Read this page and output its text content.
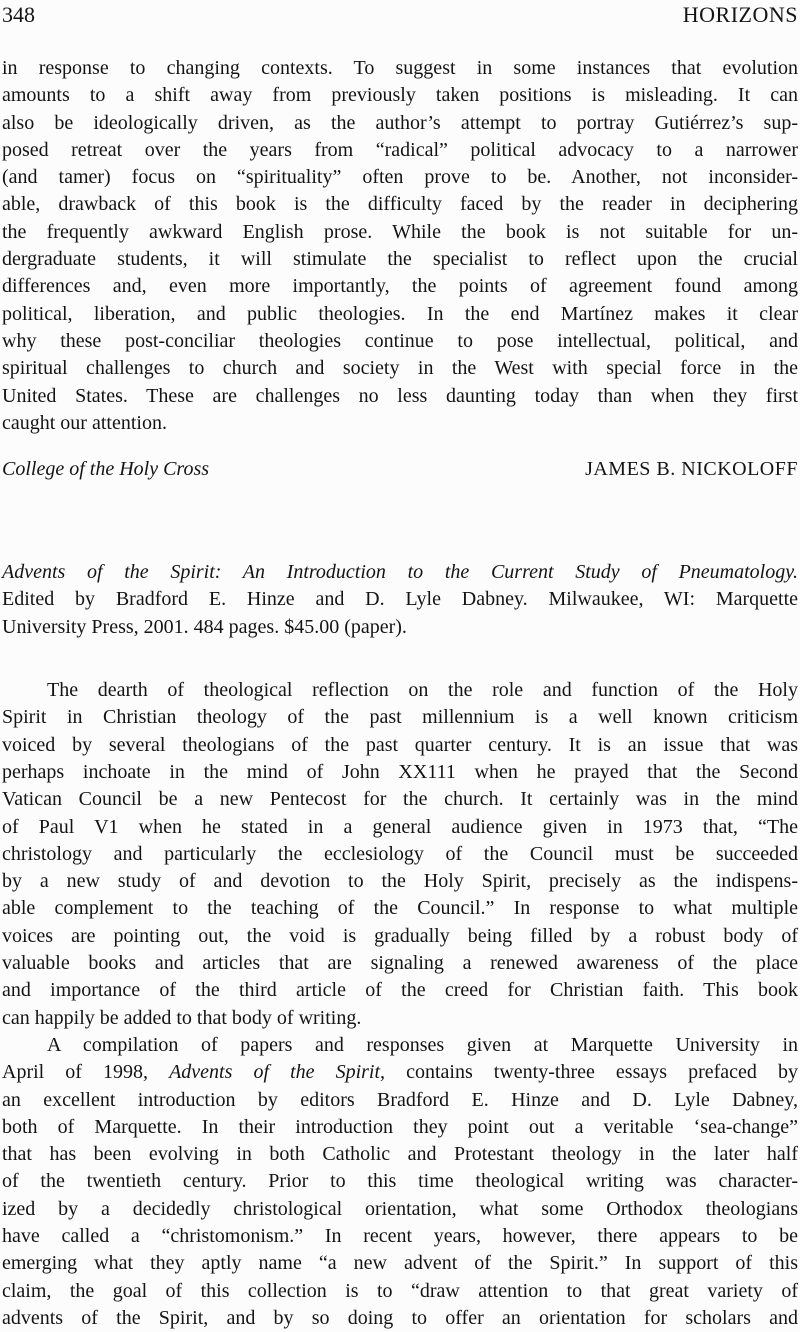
348	HORIZONS
in response to changing contexts. To suggest in some instances that evolution
amounts to a shift away from previously taken positions is misleading. It can
also be ideologically driven, as the author’s attempt to portray Gutiérrez’s sup-
posed retreat over the years from “radical” political advocacy to a narrower
(and tamer) focus on “spirituality” often prove to be. Another, not inconsider-
able, drawback of this book is the difficulty faced by the reader in deciphering
the frequently awkward English prose. While the book is not suitable for un-
dergraduate students, it will stimulate the specialist to reflect upon the crucial
differences and, even more importantly, the points of agreement found among
political, liberation, and public theologies. In the end Martínez makes it clear
why these post-conciliar theologies continue to pose intellectual, political, and
spiritual challenges to church and society in the West with special force in the
United States. These are challenges no less daunting today than when they first
caught our attention.
College of the Holy Cross	JAMES B. NICKOLOFF
Advents of the Spirit: An Introduction to the Current Study of Pneumatology.
Edited by Bradford E. Hinze and D. Lyle Dabney. Milwaukee, WI: Marquette
University Press, 2001. 484 pages. $45.00 (paper).
The dearth of theological reflection on the role and function of the Holy
Spirit in Christian theology of the past millennium is a well known criticism
voiced by several theologians of the past quarter century. It is an issue that was
perhaps inchoate in the mind of John XX111 when he prayed that the Second
Vatican Council be a new Pentecost for the church. It certainly was in the mind
of Paul V1 when he stated in a general audience given in 1973 that, “The
christology and particularly the ecclesiology of the Council must be succeeded
by a new study of and devotion to the Holy Spirit, precisely as the indispens-
able complement to the teaching of the Council.” In response to what multiple
voices are pointing out, the void is gradually being filled by a robust body of
valuable books and articles that are signaling a renewed awareness of the place
and importance of the third article of the creed for Christian faith. This book
can happily be added to that body of writing.
A compilation of papers and responses given at Marquette University in
April of 1998, Advents of the Spirit, contains twenty-three essays prefaced by
an excellent introduction by editors Bradford E. Hinze and D. Lyle Dabney,
both of Marquette. In their introduction they point out a veritable ‘sea-change”
that has been evolving in both Catholic and Protestant theology in the later half
of the twentieth century. Prior to this time theological writing was character-
ized by a decidedly christological orientation, what some Orthodox theologians
have called a “christomonism.” In recent years, however, there appears to be
emerging what they aptly name “a new advent of the Spirit.” In support of this
claim, the goal of this collection is to “draw attention to that great variety of
advents of the Spirit, and by so doing to offer an orientation for scholars and
